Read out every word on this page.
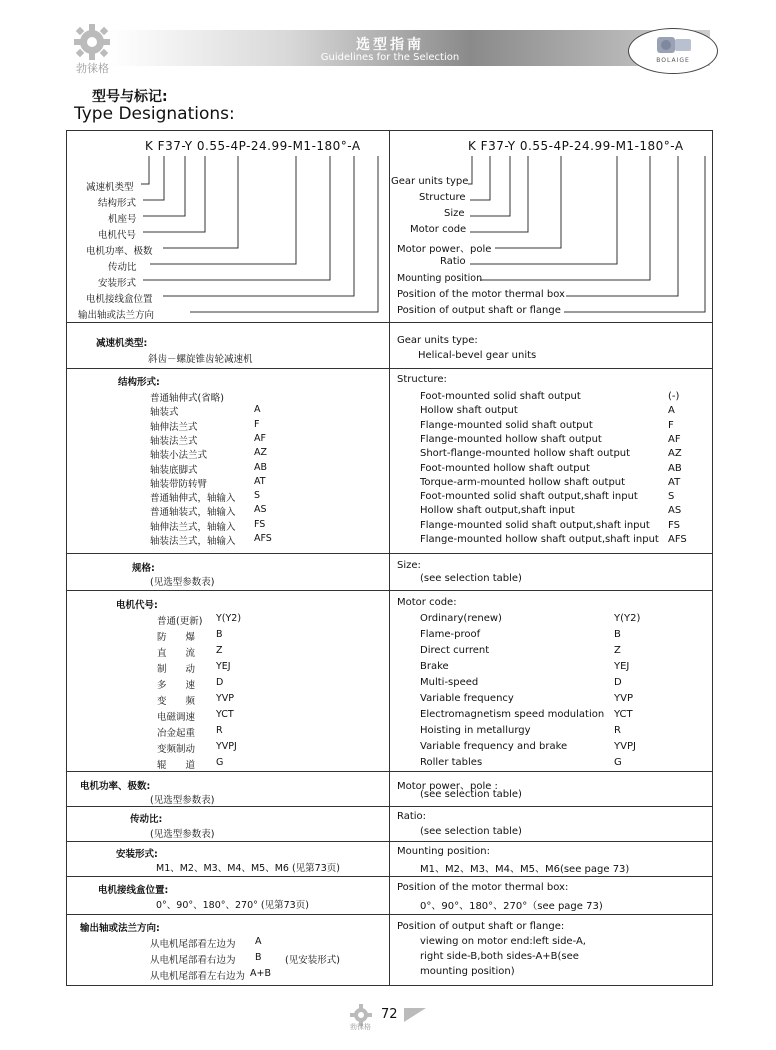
勃徕格
选型指南
Guidelines for the Selection	BOLAIGE
型号与标记:
Type Designations:
K F37-Y 0.55-4P-24.99-M1-180°-A	K F37-Y 0.55-4P-24.99-M1-180°-A
减速机类型
结构形式
机座号
电机代号
电机功率、极数
传动比
安装形式
电机接线盒位置
输出轴或法兰方向
Gear units type
Structure
Size
Motor code
Motor power、pole
Ratio
Mounting position
Position of the motor thermal box
Position of output shaft or flange
减速机类型:
斜齿－螺旋锥齿轮减速机
Gear units type:
Helical-bevel gear units
结构形式:	Structure:
普通轴伸式(省略)	Foot-mounted solid shaft output	(-)
轴装式	A	Hollow shaft output	A
轴伸法兰式	F	Flange-mounted solid shaft output	F
轴装法兰式	AF	Flange-mounted hollow shaft output	AF
轴装小法兰式	AZ	Short-flange-mounted hollow shaft output	AZ
轴装底脚式	AB	Foot-mounted hollow shaft output	AB
轴装带防转臂	AT	Torque-arm-mounted hollow shaft output	AT
普通轴伸式，轴输入 S	Foot-mounted solid shaft output,shaft input	S
普通轴装式，轴输入 AS	Hollow shaft output,shaft input	AS
轴伸法兰式，轴输入 FS	Flange-mounted solid shaft output,shaft input FS
轴装法兰式，轴输入 AFS	Flange-mounted hollow shaft output,shaft input AFS
规格:
(见选型参数表)
Size:
(see selection table)
电机代号:	Motor code:
普通(更新) Y(Y2)	Ordinary(renew)	Y(Y2)
防　　爆 B	Flame-proof	B
直　　流 Z	Direct current	Z
制　　动 YEJ	Brake	YEJ
多　　速 D	Multi-speed	D
变　　频 YVP	Variable frequency	YVP
电磁调速 YCT	Electromagnetism speed modulation YCT
冶金起重 R	Hoisting in metallurgy	R
变频制动 YVPJ	Variable frequency and brake	YVPJ
辊　　道 G	Roller tables	G
电机功率、极数:
(见选型参数表)
Motor power、pole :
(see selection table)
传动比:
(见选型参数表)
Ratio:
(see selection table)
安装形式:
M1、M2、M3、M4、M5、M6 (见第73页)
Mounting position:
M1、M2、M3、M4、M5、M6(see page 73)
电机接线盒位置:
0°、90°、180°、270° (见第73页)
Position of the motor thermal box:
0°、90°、180°、270°（see page 73)
输出轴或法兰方向:
从电机尾部看左边为 A
从电机尾部看右边为 B (见安装形式)
从电机尾部看左右边为 A+B
Position of output shaft or flange:
viewing on motor end:left side-A,
right side-B,both sides-A+B(see
mounting position)
勃徕格
72
